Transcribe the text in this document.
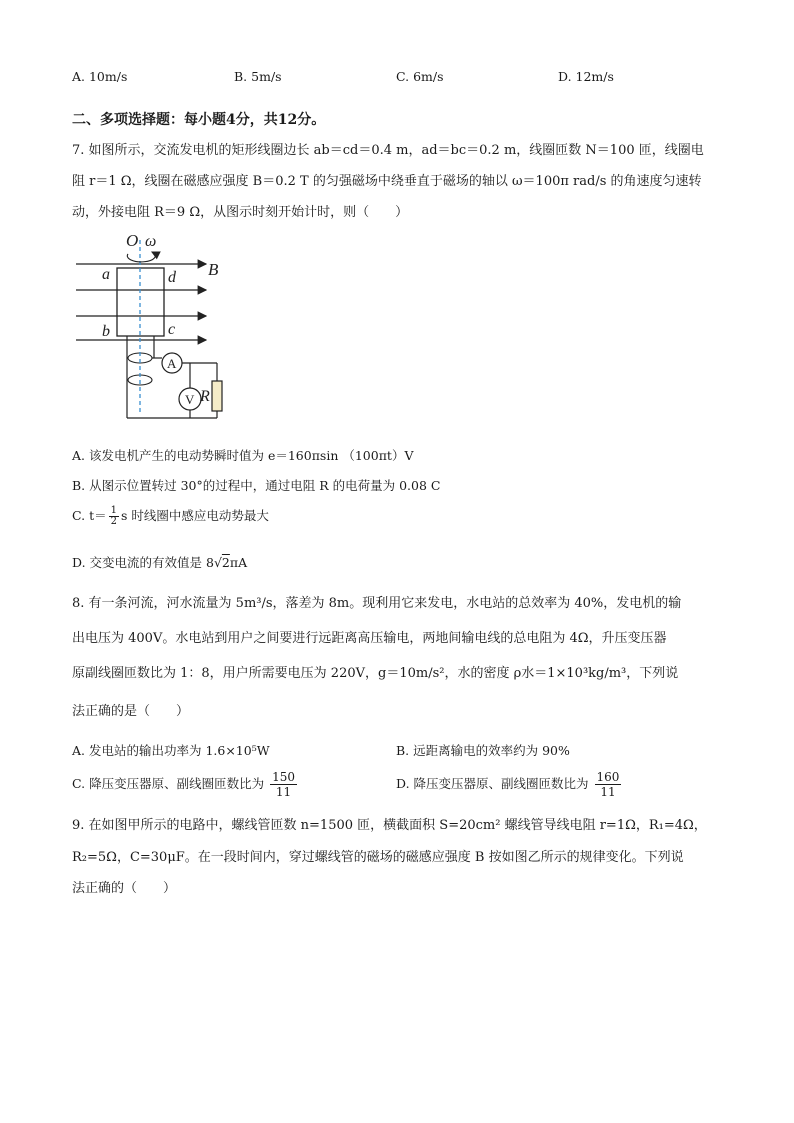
A. 10m/s	B. 5m/s	C. 6m/s	D. 12m/s
二、多项选择题：每小题4分，共12分。
7. 如图所示，交流发电机的矩形线圈边长 ab＝cd＝0.4 m，ad＝bc＝0.2 m，线圈匝数 N＝100 匝，线圈电
阻 r＝1 Ω，线圈在磁感应强度 B＝0.2 T 的匀强磁场中绕垂直于磁场的轴以 ω＝100π rad/s 的角速度匀速转
动，外接电阻 R＝9 Ω，从图示时刻开始计时，则（　　）
O ω
B
a	d
b	c
A
V R
A. 该发电机产生的电动势瞬时值为 e＝160πsin （100πt）V
B. 从图示位置转过 30°的过程中，通过电阻 R 的电荷量为 0.08 C
C. $t= \frac{1}{2}$ s 时线圈中感应电动势最大
D. 交变电流的有效值是 8√2πA
8. 有一条河流，河水流量为 5m³/s，落差为 8m。现利用它来发电，水电站的总效率为 40%，发电机的输
出电压为 400V。水电站到用户之间要进行远距离高压输电，两地间输电线的总电阻为 4Ω，升压变压器
原副线圈匝数比为 1：8，用户所需要电压为 220V，g＝10m/s²，水的密度 ρ水＝1×10³kg/m³，下列说
法正确的是（　　）
A. 发电站的输出功率为 1.6×10⁵W	B. 远距离输电的效率约为 90%
C. 降压变压器原、副线圈匝数比为 $\frac{150}{11}$	D. 降压变压器原、副线圈匝数比为 $\frac{160}{11}$
9. 在如图甲所示的电路中，螺线管匝数 n=1500 匝，横截面积 S=20cm² 螺线管导线电阻 r=1Ω，R₁=4Ω，
R₂=5Ω，C=30μF。在一段时间内，穿过螺线管的磁场的磁感应强度 B 按如图乙所示的规律变化。下列说
法正确的（　　）
